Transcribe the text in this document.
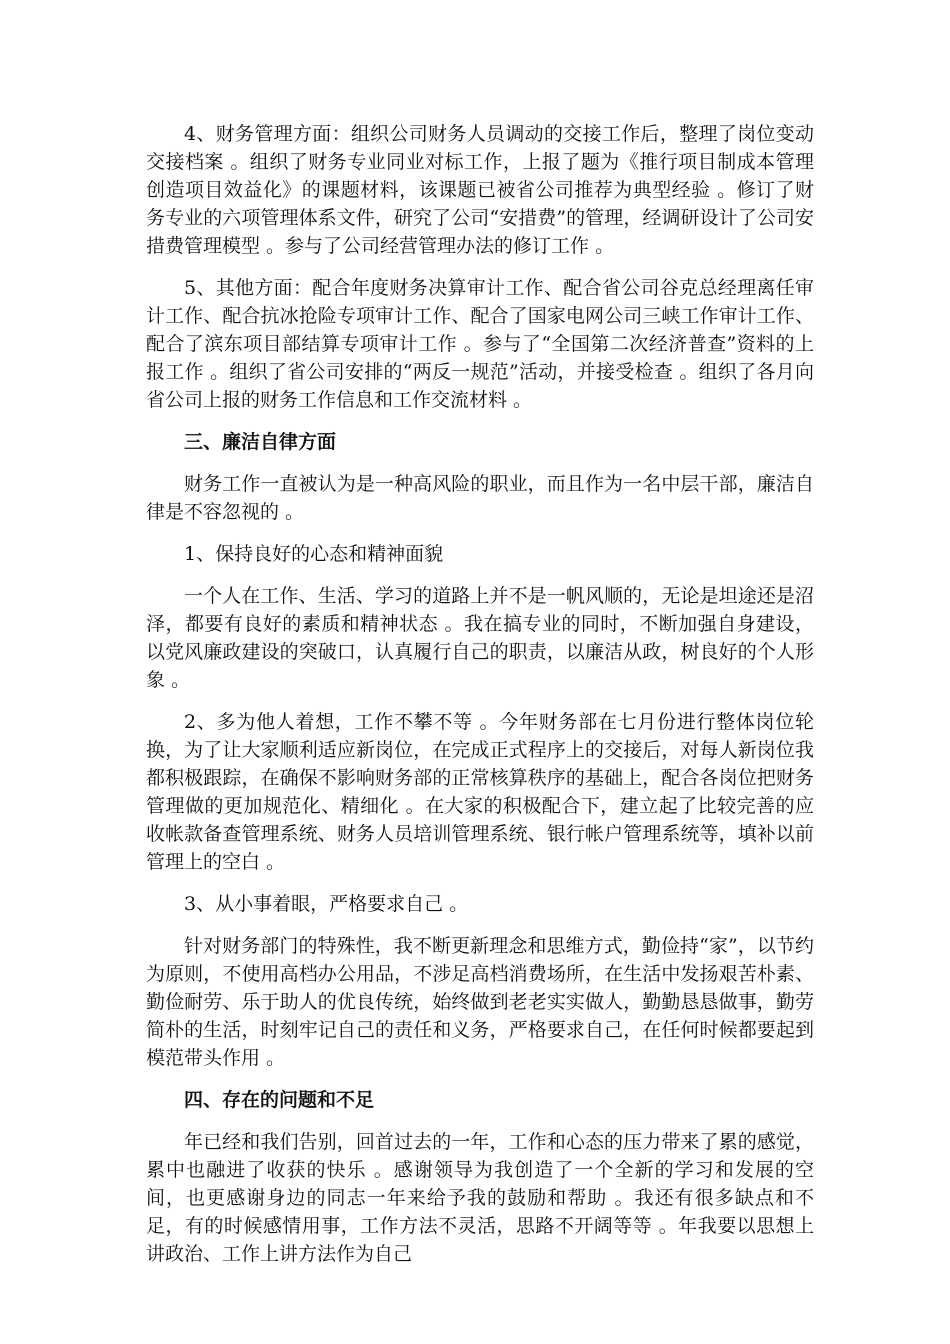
4、财务管理方面：组织公司财务人员调动的交接工作后，整理了岗位变动交接档案 。组织了财务专业同业对标工作，上报了题为《推行项目制成本管理创造项目效益化》的课题材料，该课题已被省公司推荐为典型经验 。修订了财务专业的六项管理体系文件，研究了公司“安措费”的管理，经调研设计了公司安措费管理模型 。参与了公司经营管理办法的修订工作 。

5、其他方面：配合年度财务决算审计工作、配合省公司谷克总经理离任审计工作、配合抗冰抢险专项审计工作、配合了国家电网公司三峡工作审计工作、配合了滨东项目部结算专项审计工作 。参与了“全国第二次经济普查”资料的上报工作 。组织了省公司安排的“两反一规范”活动，并接受检查 。组织了各月向省公司上报的财务工作信息和工作交流材料 。

三、廉洁自律方面

财务工作一直被认为是一种高风险的职业，而且作为一名中层干部，廉洁自律是不容忽视的 。

1、保持良好的心态和精神面貌

一个人在工作、生活、学习的道路上并不是一帆风顺的，无论是坦途还是沼泽，都要有良好的素质和精神状态 。我在搞专业的同时，不断加强自身建设，以党风廉政建设的突破口，认真履行自己的职责，以廉洁从政，树良好的个人形象 。

2、多为他人着想，工作不攀不等 。今年财务部在七月份进行整体岗位轮换，为了让大家顺利适应新岗位，在完成正式程序上的交接后，对每人新岗位我都积极跟踪，在确保不影响财务部的正常核算秩序的基础上，配合各岗位把财务管理做的更加规范化、精细化 。在大家的积极配合下，建立起了比较完善的应收帐款备查管理系统、财务人员培训管理系统、银行帐户管理系统等，填补以前管理上的空白 。

3、从小事着眼，严格要求自己 。

针对财务部门的特殊性，我不断更新理念和思维方式，勤俭持“家”，以节约为原则，不使用高档办公用品，不涉足高档消费场所，在生活中发扬艰苦朴素、勤俭耐劳、乐于助人的优良传统，始终做到老老实实做人，勤勤恳恳做事，勤劳简朴的生活，时刻牢记自己的责任和义务，严格要求自己，在任何时候都要起到模范带头作用 。

四、存在的问题和不足

年已经和我们告别，回首过去的一年，工作和心态的压力带来了累的感觉，累中也融进了收获的快乐 。感谢领导为我创造了一个全新的学习和发展的空间，也更感谢身边的同志一年来给予我的鼓励和帮助 。我还有很多缺点和不足，有的时候感情用事，工作方法不灵活，思路不开阔等等 。年我要以思想上讲政治、工作上讲方法作为自己
